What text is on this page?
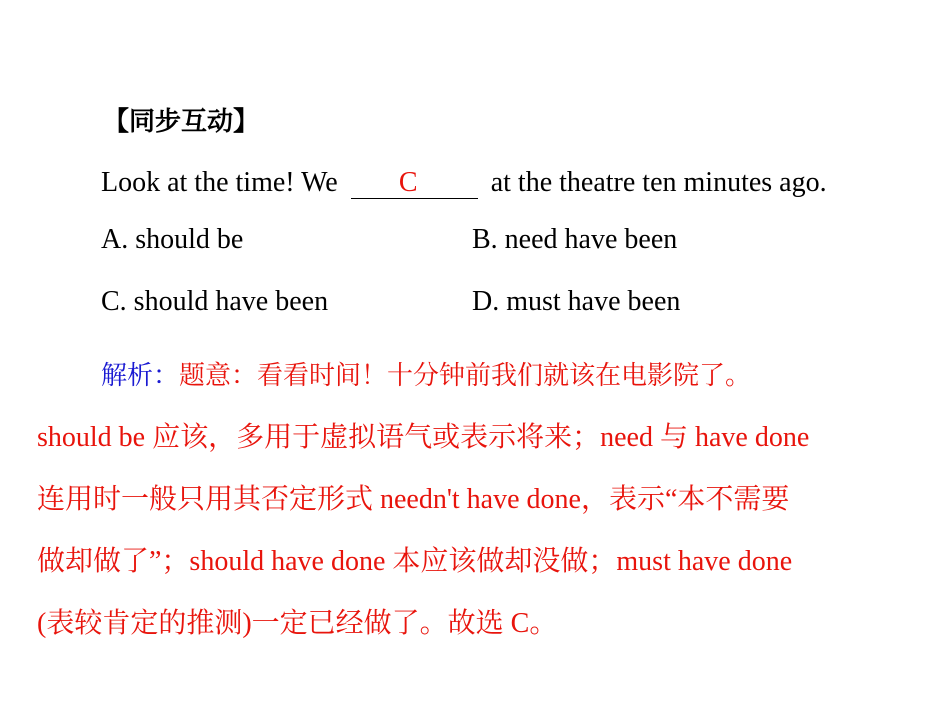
【同步互动】
Look at the time! We C	at the theatre ten minutes ago.
A. should be	B. need have been
C. should have been	D. must have been
解析：题意：看看时间！十分钟前我们就该在电影院了。
should be 应该，多用于虚拟语气或表示将来；need 与 have done
连用时一般只用其否定形式 needn't have done，表示“本不需要
做却做了”；should have done 本应该做却没做；must have done
(表较肯定的推测)一定已经做了。故选 C。
